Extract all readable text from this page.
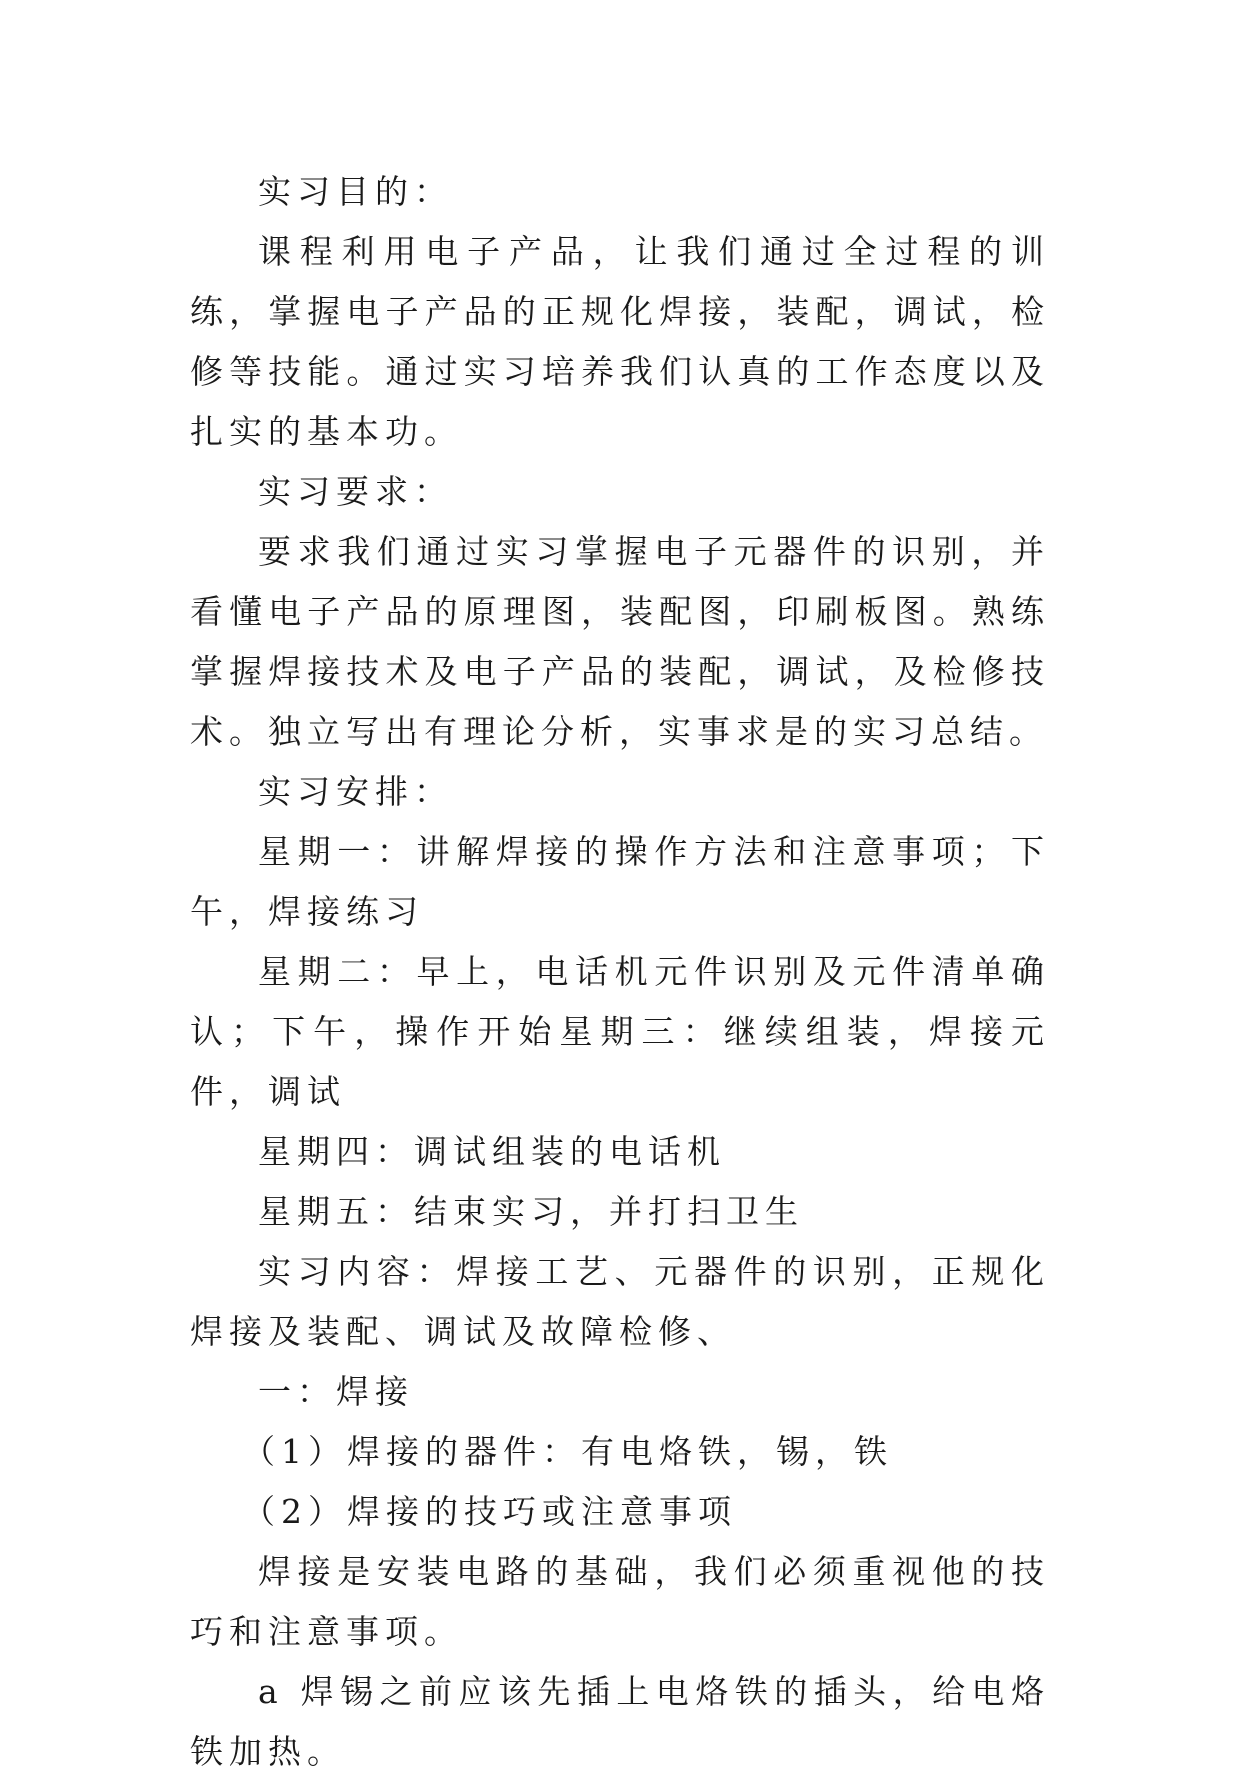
实习目的：

课程利用电子产品，让我们通过全过程的训练，掌握电子产品的正规化焊接，装配，调试，检修等技能。通过实习培养我们认真的工作态度以及扎实的基本功。

实习要求：

要求我们通过实习掌握电子元器件的识别，并看懂电子产品的原理图，装配图，印刷板图。熟练掌握焊接技术及电子产品的装配，调试，及检修技术。独立写出有理论分析，实事求是的实习总结。

实习安排：

星期一：讲解焊接的操作方法和注意事项；下午，焊接练习

星期二：早上，电话机元件识别及元件清单确认；下午，操作开始星期三：继续组装，焊接元件，调试

星期四：调试组装的电话机

星期五：结束实习，并打扫卫生

实习内容：焊接工艺、元器件的识别，正规化焊接及装配、调试及故障检修、

一：焊接

（1）焊接的器件：有电烙铁，锡，铁

（2）焊接的技巧或注意事项

焊接是安装电路的基础，我们必须重视他的技巧和注意事项。

a 焊锡之前应该先插上电烙铁的插头，给电烙铁加热。
